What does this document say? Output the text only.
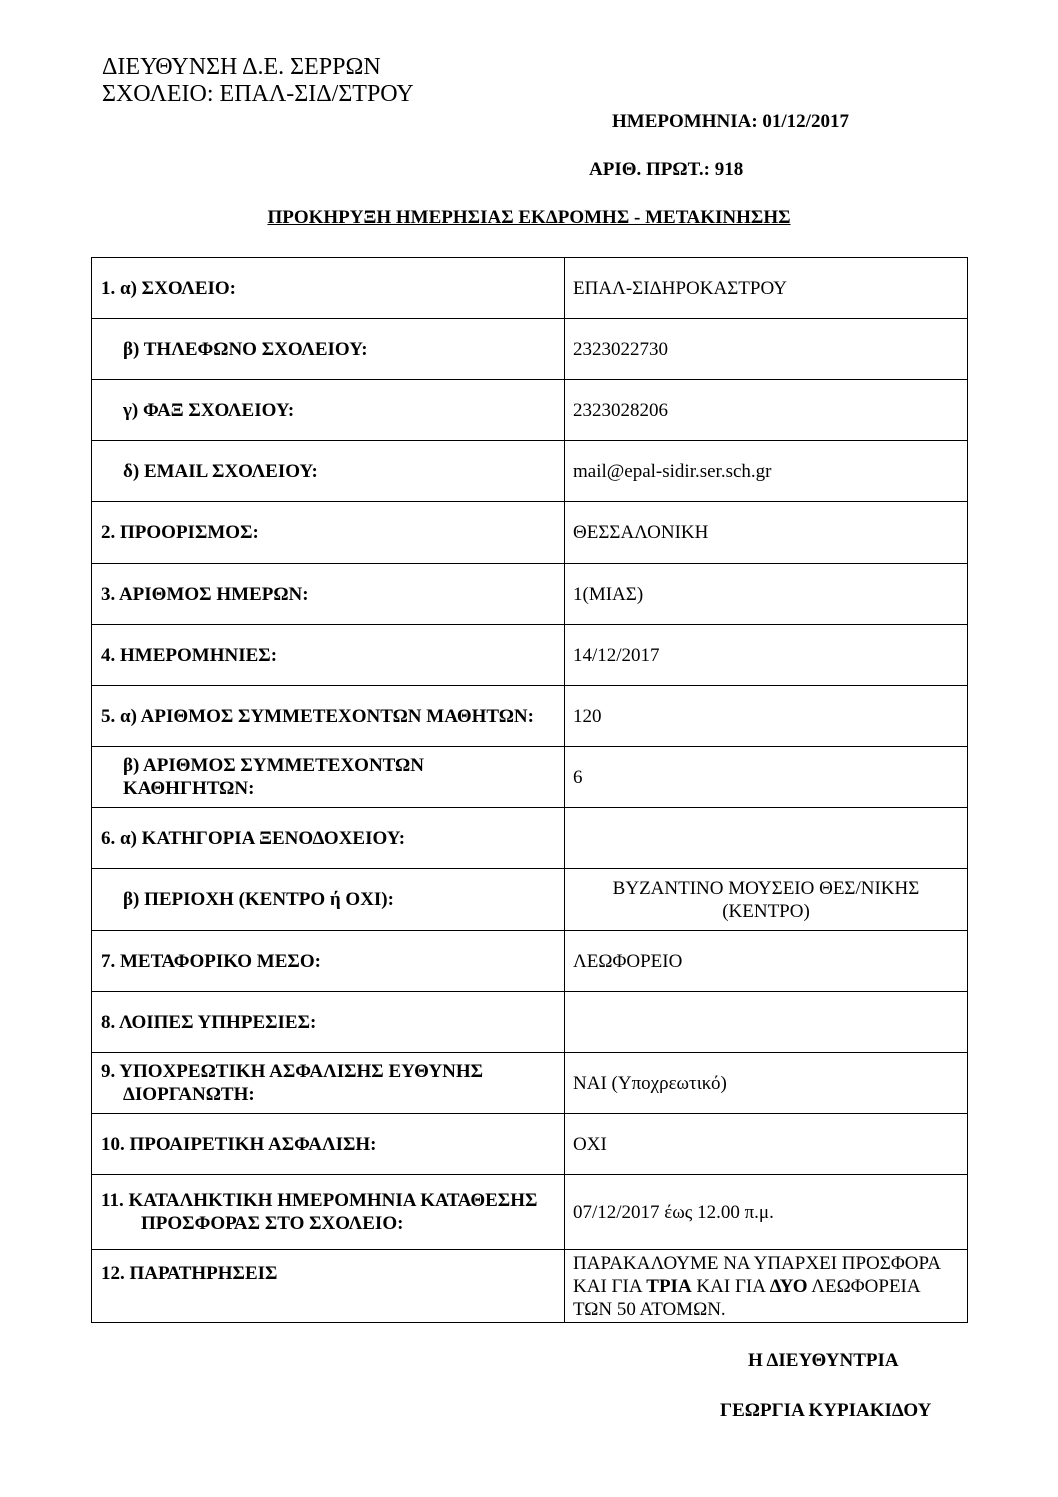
ΔΙΕΥΘΥΝΣΗ Δ.Ε. ΣΕΡΡΩΝ
ΣΧΟΛΕΙΟ: ΕΠΑΛ-ΣΙΔ/ΣΤΡΟΥ
ΗΜΕΡΟΜΗΝΙΑ: 01/12/2017
ΑΡΙΘ. ΠΡΩΤ.: 918
ΠΡΟΚΗΡΥΞΗ ΗΜΕΡΗΣΙΑΣ ΕΚΔΡΟΜΗΣ - ΜΕΤΑΚΙΝΗΣΗΣ
1. α) ΣΧΟΛΕΙΟ:	ΕΠΑΛ-ΣΙΔΗΡΟΚΑΣΤΡΟΥ
β) ΤΗΛΕΦΩΝΟ ΣΧΟΛΕΙΟΥ:	2323022730
γ) ΦΑΞ ΣΧΟΛΕΙΟΥ:	2323028206
δ) EMAIL ΣΧΟΛΕΙΟΥ:	mail@epal-sidir.ser.sch.gr
2. ΠΡΟΟΡΙΣΜΟΣ:	ΘΕΣΣΑΛΟΝΙΚΗ
3. ΑΡΙΘΜΟΣ ΗΜΕΡΩΝ:	1(ΜΙΑΣ)
4. ΗΜΕΡΟΜΗΝΙΕΣ:	14/12/2017
5. α) ΑΡΙΘΜΟΣ ΣΥΜΜΕΤΕΧΟΝΤΩΝ ΜΑΘΗΤΩΝ:	120
β) ΑΡΙΘΜΟΣ ΣΥΜΜΕΤΕΧΟΝΤΩΝ ΚΑΘΗΓΗΤΩΝ:	6
6. α) ΚΑΤΗΓΟΡΙΑ ΞΕΝΟΔΟΧΕΙΟΥ:	
β) ΠΕΡΙΟΧΗ (ΚΕΝΤΡΟ ή ΟΧΙ):	ΒΥΖΑΝΤΙΝΟ ΜΟΥΣΕΙΟ ΘΕΣ/ΝΙΚΗΣ (ΚΕΝΤΡΟ)
7. ΜΕΤΑΦΟΡΙΚΟ ΜΕΣΟ:	ΛΕΩΦΟΡΕΙΟ
8. ΛΟΙΠΕΣ ΥΠΗΡΕΣΙΕΣ:	
9. ΥΠΟΧΡΕΩΤΙΚΗ ΑΣΦΑΛΙΣΗΣ ΕΥΘΥΝΗΣ ΔΙΟΡΓΑΝΩΤΗ:	ΝΑΙ (Υποχρεωτικό)
10. ΠΡΟΑΙΡΕΤΙΚΗ ΑΣΦΑΛΙΣΗ:	ΟΧΙ
11. ΚΑΤΑΛΗΚΤΙΚΗ ΗΜΕΡΟΜΗΝΙΑ ΚΑΤΑΘΕΣΗΣ ΠΡΟΣΦΟΡΑΣ ΣΤΟ ΣΧΟΛΕΙΟ:	07/12/2017 έως 12.00 π.μ.
12. ΠΑΡΑΤΗΡΗΣΕΙΣ	ΠΑΡΑΚΑΛΟΥΜΕ ΝΑ ΥΠΑΡΧΕΙ ΠΡΟΣΦΟΡΑ ΚΑΙ ΓΙΑ ΤΡΙΑ ΚΑΙ ΓΙΑ ΔΥΟ ΛΕΩΦΟΡΕΙΑ ΤΩΝ 50 ΑΤΟΜΩΝ.
Η ΔΙΕΥΘΥΝΤΡΙΑ
ΓΕΩΡΓΙΑ ΚΥΡΙΑΚΙΔΟΥ
